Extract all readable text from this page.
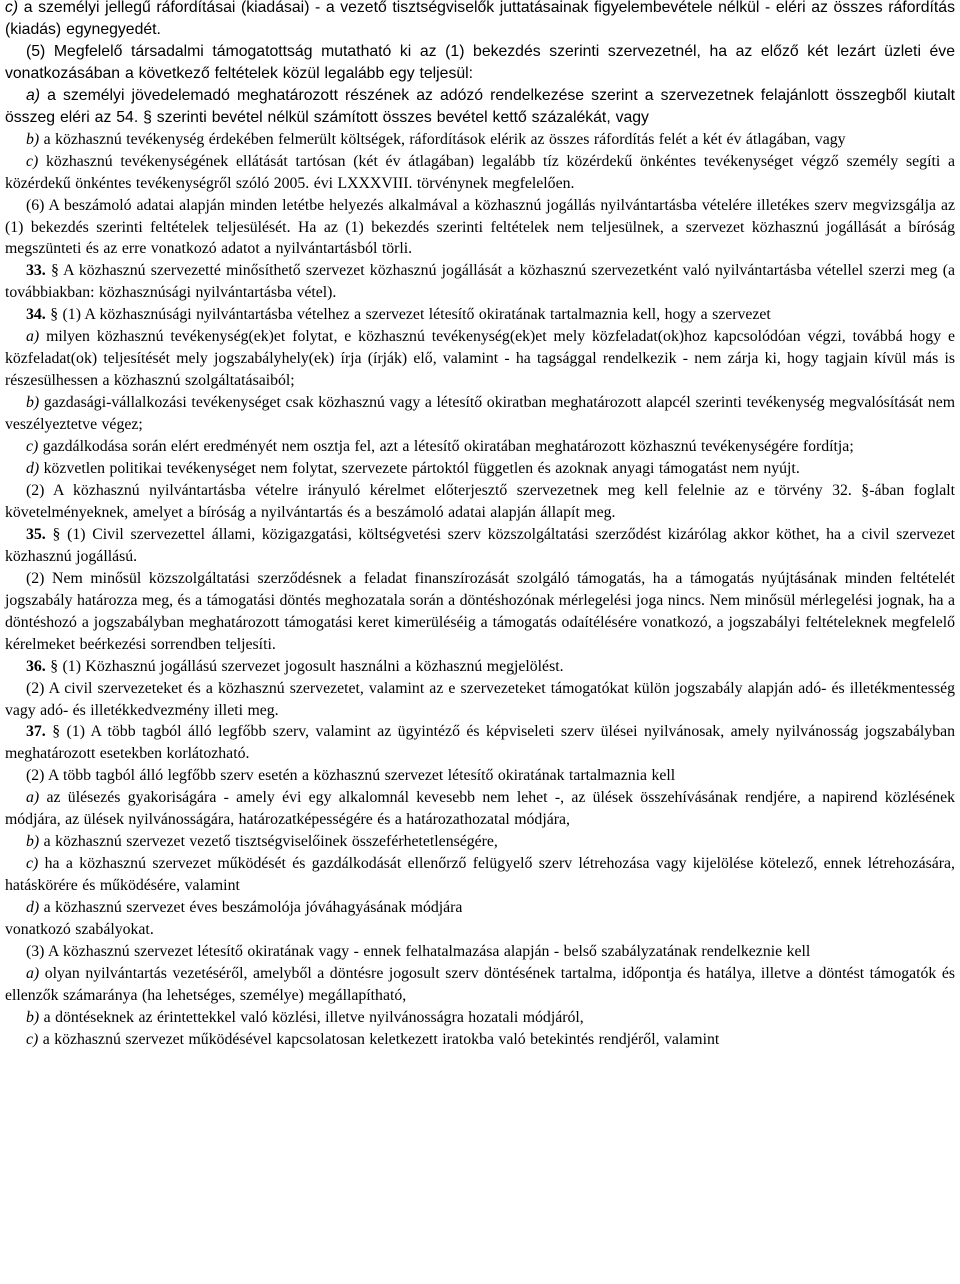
c) a személyi jellegű ráfordításai (kiadásai) - a vezető tisztségviselők juttatásainak figyelembevétele nélkül - eléri az összes ráfordítás (kiadás) egynegyedét.

(5) Megfelelő társadalmi támogatottság mutatható ki az (1) bekezdés szerinti szervezetnél, ha az előző két lezárt üzleti éve vonatkozásában a következő feltételek közül legalább egy teljesül:

a) a személyi jövedelemadó meghatározott részének az adózó rendelkezése szerint a szervezetnek felajánlott összegből kiutalt összeg eléri az 54. § szerinti bevétel nélkül számított összes bevétel kettő százalékát, vagy

b) a közhasznú tevékenység érdekében felmerült költségek, ráfordítások elérik az összes ráfordítás felét a két év átlagában, vagy

c) közhasznú tevékenységének ellátását tartósan (két év átlagában) legalább tíz közérdekű önkéntes tevékenységet végző személy segíti a közérdekű önkéntes tevékenységről szóló 2005. évi LXXXVIII. törvénynek megfelelően.

(6) A beszámoló adatai alapján minden letétbe helyezés alkalmával a közhasznú jogállás nyilvántartásba vételére illetékes szerv megvizsgálja az (1) bekezdés szerinti feltételek teljesülését. Ha az (1) bekezdés szerinti feltételek nem teljesülnek, a szervezet közhasznú jogállását a bíróság megszünteti és az erre vonatkozó adatot a nyilvántartásból törli.

33. § A közhasznú szervezetté minősíthető szervezet közhasznú jogállását a közhasznú szervezetként való nyilvántartásba vétellel szerzi meg (a továbbiakban: közhasznúsági nyilvántartásba vétel).

34. § (1) A közhasznúsági nyilvántartásba vételhez a szervezet létesítő okiratának tartalmaznia kell, hogy a szervezet

a) milyen közhasznú tevékenység(ek)et folytat, e közhasznú tevékenység(ek)et mely közfeladat(ok)hoz kapcsolódóan végzi, továbbá hogy e közfeladat(ok) teljesítését mely jogszabályhely(ek) írja (írják) elő, valamint - ha tagsággal rendelkezik - nem zárja ki, hogy tagjain kívül más is részesülhessen a közhasznú szolgáltatásaiból;

b) gazdasági-vállalkozási tevékenységet csak közhasznú vagy a létesítő okiratban meghatározott alapcél szerinti tevékenység megvalósítását nem veszélyeztetve végez;

c) gazdálkodása során elért eredményét nem osztja fel, azt a létesítő okiratában meghatározott közhasznú tevékenységére fordítja;

d) közvetlen politikai tevékenységet nem folytat, szervezete pártoktól független és azoknak anyagi támogatást nem nyújt.

(2) A közhasznú nyilvántartásba vételre irányuló kérelmet előterjesztő szervezetnek meg kell felelnie az e törvény 32. §-ában foglalt követelményeknek, amelyet a bíróság a nyilvántartás és a beszámoló adatai alapján állapít meg.

35. § (1) Civil szervezettel állami, közigazgatási, költségvetési szerv közszolgáltatási szerződést kizárólag akkor köthet, ha a civil szervezet közhasznú jogállású.

(2) Nem minősül közszolgáltatási szerződésnek a feladat finanszírozását szolgáló támogatás, ha a támogatás nyújtásának minden feltételét jogszabály határozza meg, és a támogatási döntés meghozatala során a döntéshozónak mérlegelési joga nincs. Nem minősül mérlegelési jognak, ha a döntéshozó a jogszabályban meghatározott támogatási keret kimerüléséig a támogatás odaítélésére vonatkozó, a jogszabályi feltételeknek megfelelő kérelmeket beérkezési sorrendben teljesíti.

36. § (1) Közhasznú jogállású szervezet jogosult használni a közhasznú megjelölést.

(2) A civil szervezeteket és a közhasznú szervezetet, valamint az e szervezeteket támogatókat külön jogszabály alapján adó- és illetékmentesség vagy adó- és illetékkedvezmény illeti meg.

37. § (1) A több tagból álló legfőbb szerv, valamint az ügyintéző és képviseleti szerv ülései nyilvánosak, amely nyilvánosság jogszabályban meghatározott esetekben korlátozható.

(2) A több tagból álló legfőbb szerv esetén a közhasznú szervezet létesítő okiratának tartalmaznia kell

a) az ülésezés gyakoriságára - amely évi egy alkalomnál kevesebb nem lehet -, az ülések összehívásának rendjére, a napirend közlésének módjára, az ülések nyilvánosságára, határozatképességére és a határozathozatal módjára,

b) a közhasznú szervezet vezető tisztségviselőinek összeférhetetlenségére,

c) ha a közhasznú szervezet működését és gazdálkodását ellenőrző felügyelő szerv létrehozása vagy kijelölése kötelező, ennek létrehozására, hatáskörére és működésére, valamint

d) a közhasznú szervezet éves beszámolója jóváhagyásának módjára

vonatkozó szabályokat.

(3) A közhasznú szervezet létesítő okiratának vagy - ennek felhatalmazása alapján - belső szabályzatának rendelkeznie kell

a) olyan nyilvántartás vezetéséről, amelyből a döntésre jogosult szerv döntésének tartalma, időpontja és hatálya, illetve a döntést támogatók és ellenzők számaránya (ha lehetséges, személye) megállapítható,

b) a döntéseknek az érintettekkel való közlési, illetve nyilvánosságra hozatali módjáról,

c) a közhasznú szervezet működésével kapcsolatosan keletkezett iratokba való betekintés rendjéről, valamint
